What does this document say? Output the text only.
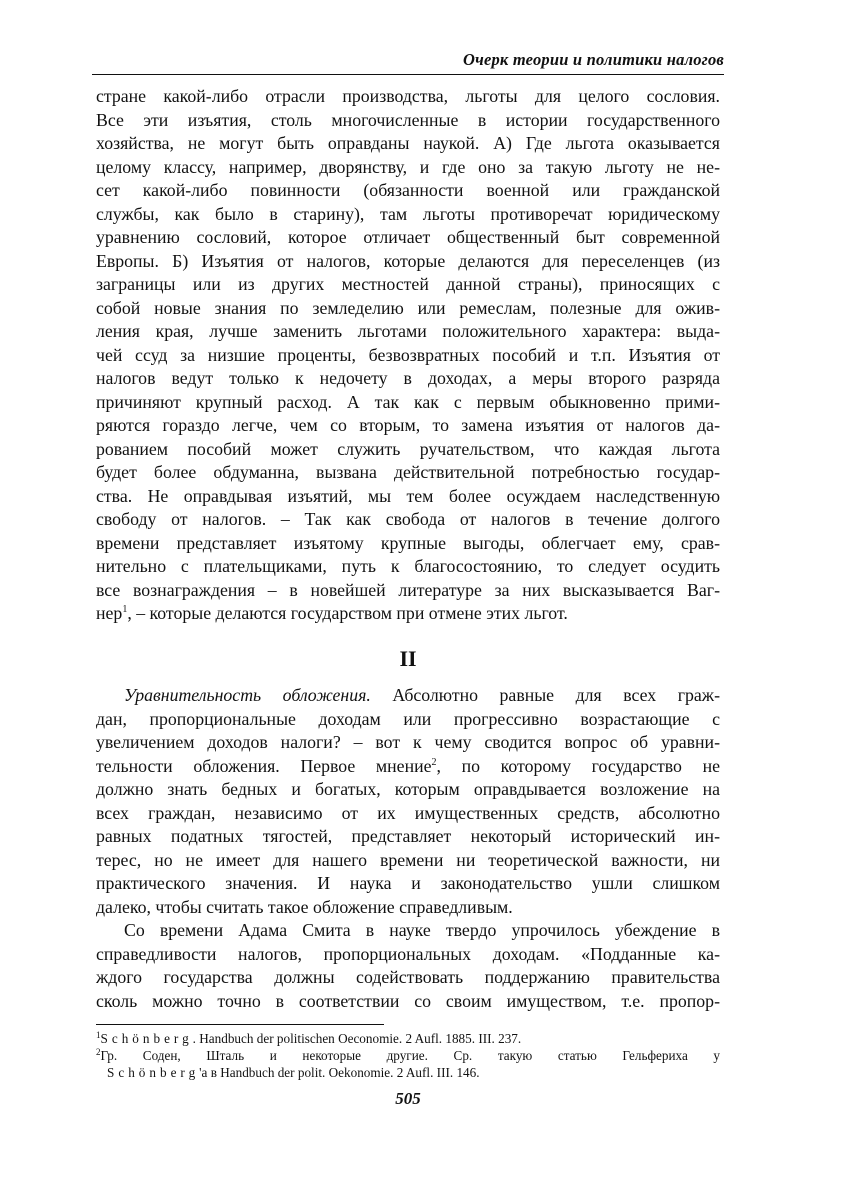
Очерк теории и политики налогов
стране какой-либо отрасли производства, льготы для целого сословия.
Все эти изъятия, столь многочисленные в истории государственного
хозяйства, не могут быть оправданы наукой. А) Где льгота оказывается
целому классу, например, дворянству, и где оно за такую льготу не не-
сет какой-либо повинности (обязанности военной или гражданской
службы, как было в старину), там льготы противоречат юридическому
уравнению сословий, которое отличает общественный быт современной
Европы. Б) Изъятия от налогов, которые делаются для переселенцев (из
заграницы или из других местностей данной страны), приносящих с
собой новые знания по земледелию или ремеслам, полезные для ожив-
ления края, лучше заменить льготами положительного характера: выда-
чей ссуд за низшие проценты, безвозвратных пособий и т.п. Изъятия от
налогов ведут только к недочету в доходах, а меры второго разряда
причиняют крупный расход. А так как с первым обыкновенно прими-
ряются гораздо легче, чем со вторым, то замена изъятия от налогов да-
рованием пособий может служить ручательством, что каждая льгота
будет более обдуманна, вызвана действительной потребностью государ-
ства. Не оправдывая изъятий, мы тем более осуждаем наследственную
свободу от налогов. – Так как свобода от налогов в течение долгого
времени представляет изъятому крупные выгоды, облегчает ему, срав-
нительно с плательщиками, путь к благосостоянию, то следует осудить
все вознаграждения – в новейшей литературе за них высказывается Ваг-
нер$^1$, – которые делаются государством при отмене этих льгот.
II
Уравнительность обложения. Абсолютно равные для всех граж-
дан, пропорциональные доходам или прогрессивно возрастающие с
увеличением доходов налоги? – вот к чему сводится вопрос об уравни-
тельности обложения. Первое мнение$^2$, по которому государство не
должно знать бедных и богатых, которым оправдывается возложение на
всех граждан, независимо от их имущественных средств, абсолютно
равных податных тягостей, представляет некоторый исторический ин-
терес, но не имеет для нашего времени ни теоретической важности, ни
практического значения. И наука и законодательство ушли слишком
далеко, чтобы считать такое обложение справедливым.
Со времени Адама Смита в науке твердо упрочилось убеждение в
справедливости налогов, пропорциональных доходам. «Подданные ка-
ждого государства должны содействовать поддержанию правительства
сколь можно точно в соответствии со своим имуществом, т.е. пропор-
$^1$Schönberg. Handbuch der politischen Oeconomie. 2 Aufl. 1885. III. 237.
$^2$Гр. Соден, Шталь и некоторые другие. Ср. такую статью Гельфериха у
Schönberg'а в Handbuch der polit. Oekonomie. 2 Aufl. III. 146.
505
